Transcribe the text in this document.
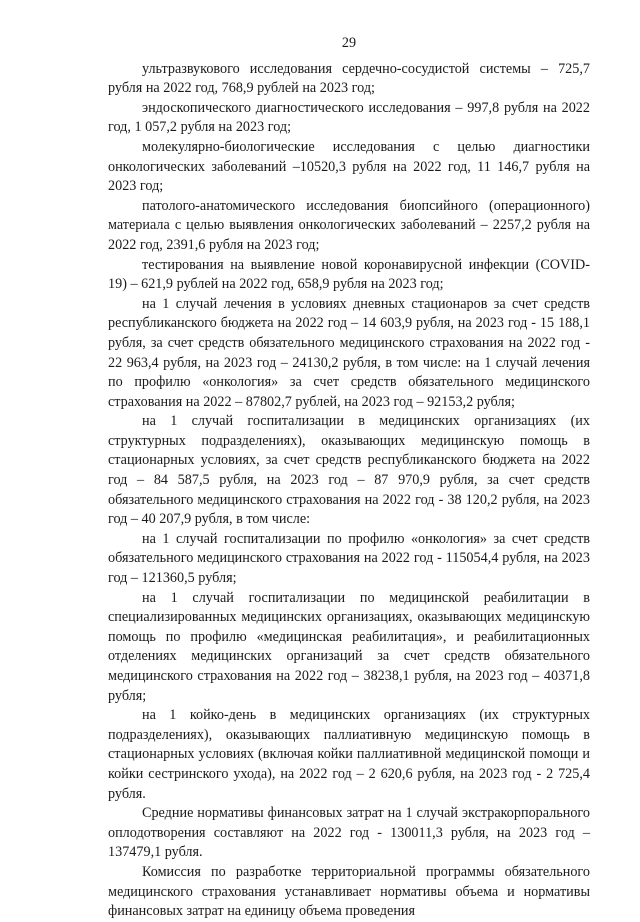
29

ультразвукового исследования сердечно-сосудистой системы – 725,7 рубля на 2022 год, 768,9 рублей на 2023 год;

эндоскопического диагностического исследования – 997,8 рубля на 2022 год, 1 057,2 рубля на 2023 год;

молекулярно-биологические исследования с целью диагностики онкологических заболеваний –10520,3 рубля на 2022 год, 11 146,7 рубля на 2023 год;

патолого-анатомического исследования биопсийного (операционного) материала с целью выявления онкологических заболеваний – 2257,2 рубля на 2022 год, 2391,6 рубля на 2023 год;

тестирования на выявление новой коронавирусной инфекции (COVID-19) – 621,9 рублей на 2022 год, 658,9 рубля на 2023 год;

на 1 случай лечения в условиях дневных стационаров за счет средств республиканского бюджета на 2022 год – 14 603,9 рубля, на 2023 год - 15 188,1 рубля, за счет средств обязательного медицинского страхования на 2022 год - 22 963,4 рубля, на 2023 год – 24130,2 рубля, в том числе: на 1 случай лечения по профилю «онкология» за счет средств обязательного медицинского страхования на 2022 – 87802,7 рублей, на 2023 год – 92153,2 рубля;

на 1 случай госпитализации в медицинских организациях (их структурных подразделениях), оказывающих медицинскую помощь в стационарных условиях, за счет средств республиканского бюджета на 2022 год – 84 587,5 рубля, на 2023 год – 87 970,9 рубля, за счет средств обязательного медицинского страхования на 2022 год - 38 120,2 рубля, на 2023 год – 40 207,9 рубля, в том числе:

на 1 случай госпитализации по профилю «онкология» за счет средств обязательного медицинского страхования на 2022 год - 115054,4 рубля, на 2023 год – 121360,5 рубля;

на 1 случай госпитализации по медицинской реабилитации в специализированных медицинских организациях, оказывающих медицинскую помощь по профилю «медицинская реабилитация», и реабилитационных отделениях медицинских организаций за счет средств обязательного медицинского страхования на 2022 год – 38238,1 рубля, на 2023 год – 40371,8 рубля;

на 1 койко-день в медицинских организациях (их структурных подразделениях), оказывающих паллиативную медицинскую помощь в стационарных условиях (включая койки паллиативной медицинской помощи и койки сестринского ухода), на 2022 год – 2 620,6 рубля, на 2023 год - 2 725,4 рубля.

Средние нормативы финансовых затрат на 1 случай экстракорпорального оплодотворения составляют на 2022 год - 130011,3 рубля, на 2023 год – 137479,1 рубля.

Комиссия по разработке территориальной программы обязательного медицинского страхования устанавливает нормативы объема и нормативы финансовых затрат на единицу объема проведения
